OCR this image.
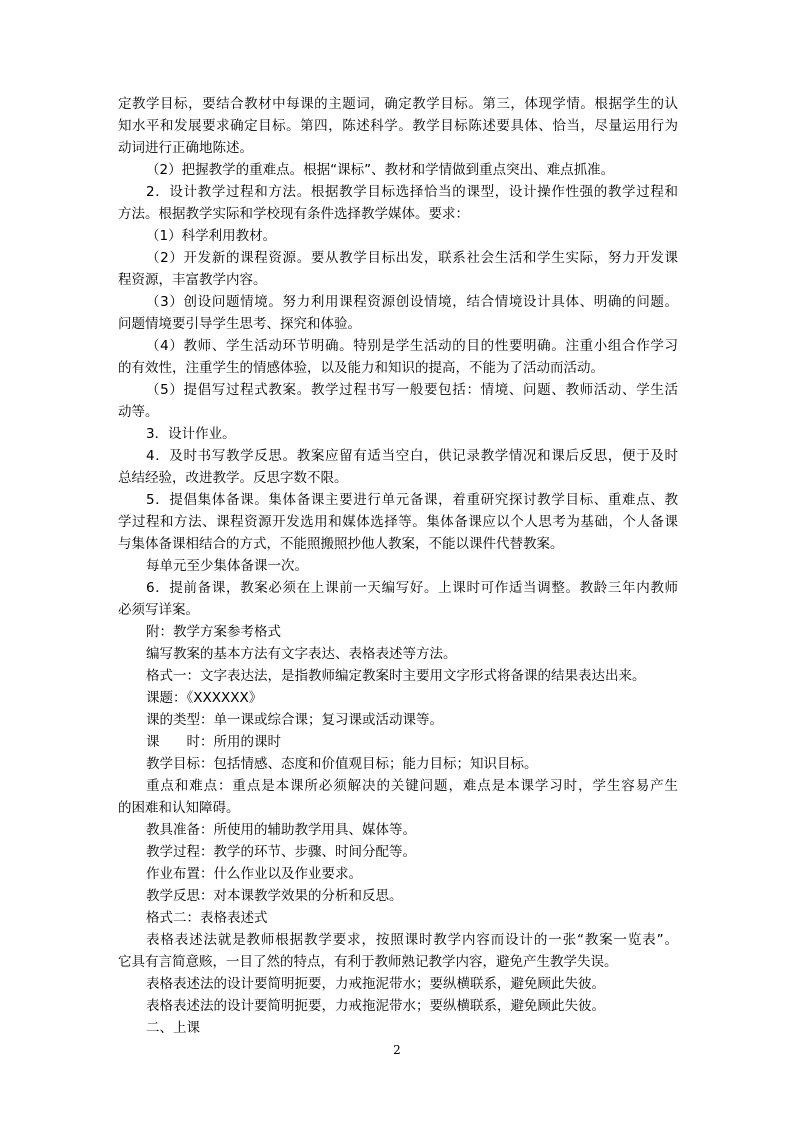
定教学目标，要结合教材中每课的主题词，确定教学目标。第三，体现学情。根据学生的认
知水平和发展要求确定目标。第四，陈述科学。教学目标陈述要具体、恰当，尽量运用行为
动词进行正确地陈述。
（2）把握教学的重难点。根据“课标”、教材和学情做到重点突出、难点抓准。
2．设计教学过程和方法。根据教学目标选择恰当的课型，设计操作性强的教学过程和
方法。根据教学实际和学校现有条件选择教学媒体。要求：
（1）科学利用教材。
（2）开发新的课程资源。要从教学目标出发，联系社会生活和学生实际，努力开发课
程资源，丰富教学内容。
（3）创设问题情境。努力利用课程资源创设情境，结合情境设计具体、明确的问题。
问题情境要引导学生思考、探究和体验。
（4）教师、学生活动环节明确。特别是学生活动的目的性要明确。注重小组合作学习
的有效性，注重学生的情感体验，以及能力和知识的提高，不能为了活动而活动。
（5）提倡写过程式教案。教学过程书写一般要包括：情境、问题、教师活动、学生活
动等。
3．设计作业。
4．及时书写教学反思。教案应留有适当空白，供记录教学情况和课后反思，便于及时
总结经验，改进教学。反思字数不限。
5．提倡集体备课。集体备课主要进行单元备课，着重研究探讨教学目标、重难点、教
学过程和方法、课程资源开发选用和媒体选择等。集体备课应以个人思考为基础，个人备课
与集体备课相结合的方式，不能照搬照抄他人教案，不能以课件代替教案。
每单元至少集体备课一次。
6．提前备课，教案必须在上课前一天编写好。上课时可作适当调整。教龄三年内教师
必须写详案。
附：教学方案参考格式
编写教案的基本方法有文字表达、表格表述等方法。
格式一：文字表达法，是指教师编定教案时主要用文字形式将备课的结果表达出来。
课题：《ХХХХХХ》
课的类型：单一课或综合课；复习课或活动课等。
课　　时：所用的课时
教学目标：包括情感、态度和价值观目标；能力目标；知识目标。
重点和难点：重点是本课所必须解决的关键问题，难点是本课学习时，学生容易产生
的困难和认知障碍。
教具准备：所使用的辅助教学用具、媒体等。
教学过程：教学的环节、步骤、时间分配等。
作业布置：什么作业以及作业要求。
教学反思：对本课教学效果的分析和反思。
格式二：表格表述式
表格表述法就是教师根据教学要求，按照课时教学内容而设计的一张“教案一览表”。
它具有言简意赅，一目了然的特点，有利于教师熟记教学内容，避免产生教学失误。
表格表述法的设计要简明扼要，力戒拖泥带水；要纵横联系，避免顾此失彼。
表格表述法的设计要简明扼要，力戒拖泥带水；要纵横联系，避免顾此失彼。
二、上课
2
